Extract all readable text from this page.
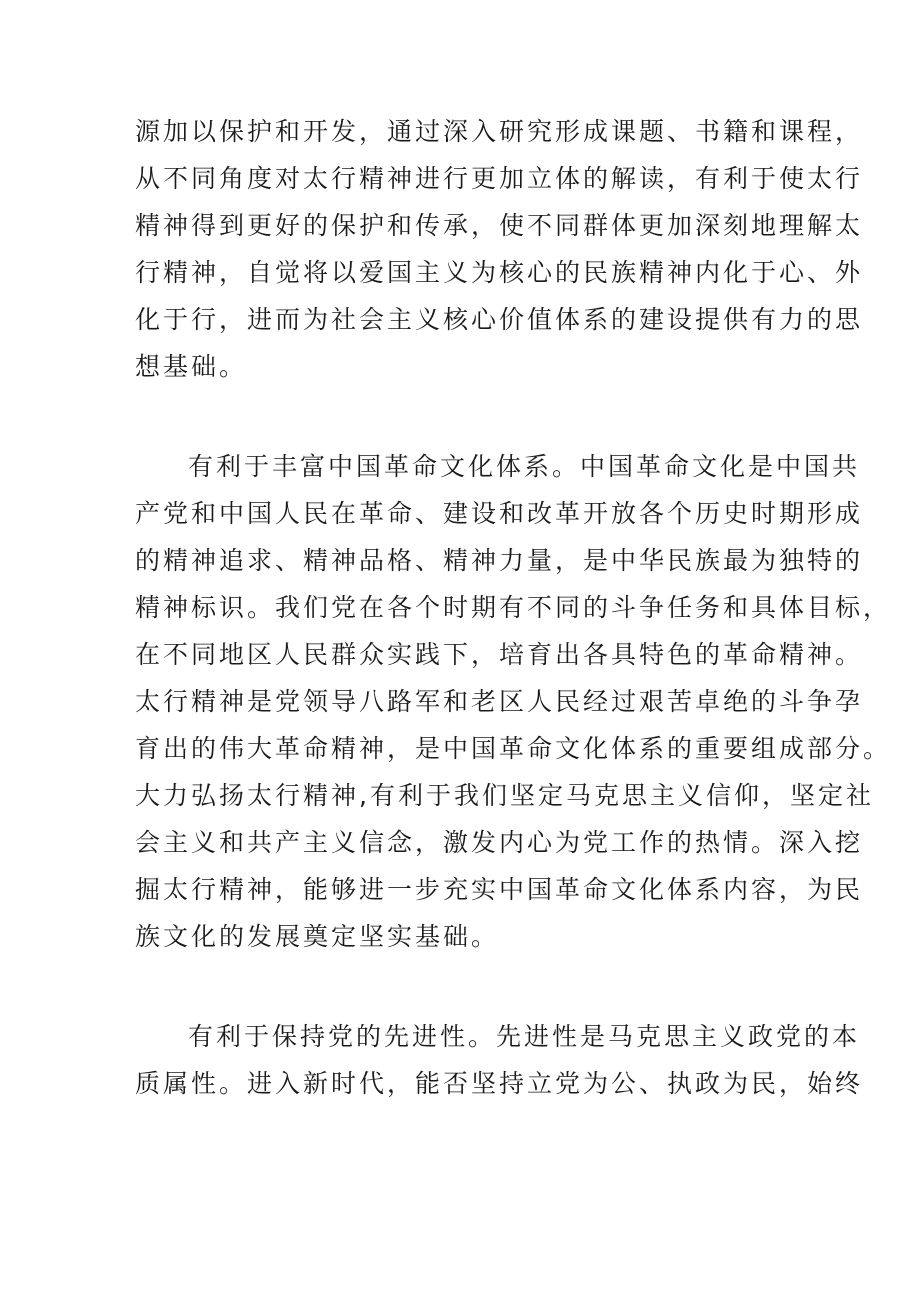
源加以保护和开发，通过深入研究形成课题、书籍和课程，

从不同角度对太行精神进行更加立体的解读，有利于使太行

精神得到更好的保护和传承，使不同群体更加深刻地理解太

行精神，自觉将以爱国主义为核心的民族精神内化于心、外

化于行，进而为社会主义核心价值体系的建设提供有力的思

想基础。

有利于丰富中国革命文化体系。中国革命文化是中国共

产党和中国人民在革命、建设和改革开放各个历史时期形成

的精神追求、精神品格、精神力量，是中华民族最为独特的

精神标识。我们党在各个时期有不同的斗争任务和具体目标，

在不同地区人民群众实践下，培育出各具特色的革命精神。

太行精神是党领导八路军和老区人民经过艰苦卓绝的斗争孕

育出的伟大革命精神，是中国革命文化体系的重要组成部分。

大力弘扬太行精神,有利于我们坚定马克思主义信仰，坚定社

会主义和共产主义信念，激发内心为党工作的热情。深入挖

掘太行精神，能够进一步充实中国革命文化体系内容，为民

族文化的发展奠定坚实基础。

有利于保持党的先进性。先进性是马克思主义政党的本

质属性。进入新时代，能否坚持立党为公、执政为民，始终
